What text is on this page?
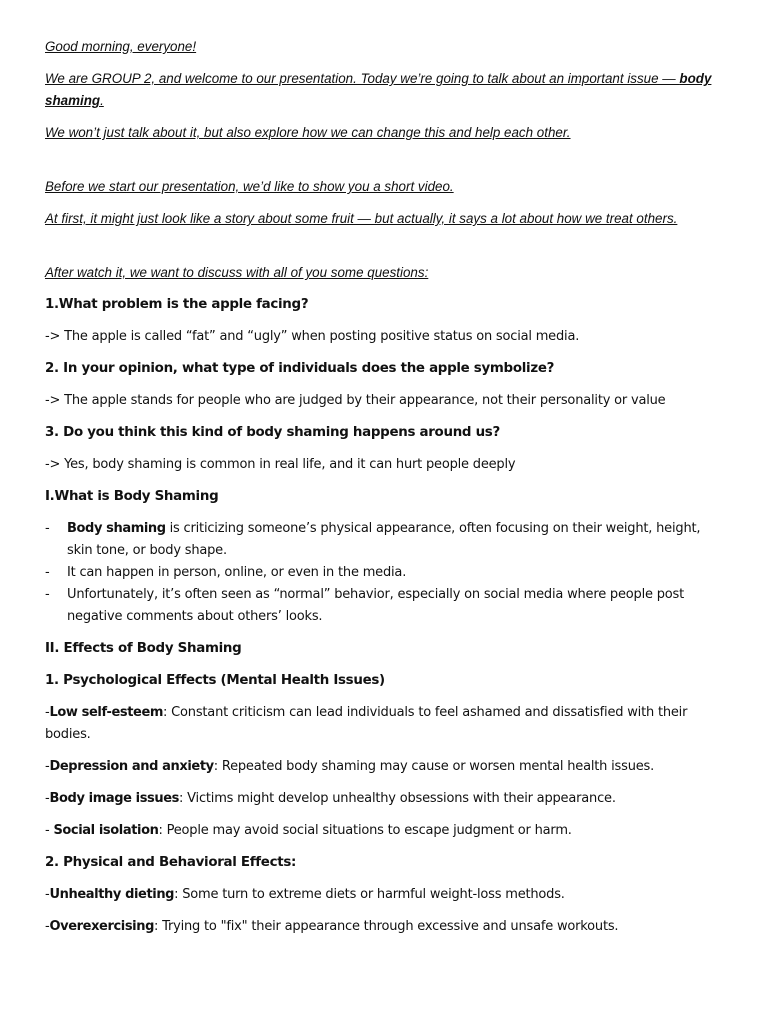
Good morning, everyone!

We are GROUP 2, and welcome to our presentation. Today we’re going to talk about an important issue — body shaming.

We won’t just talk about it, but also explore how we can change this and help each other.

Before we start our presentation, we’d like to show you a short video.

At first, it might just look like a story about some fruit — but actually, it says a lot about how we treat others.

After watch it, we want to discuss with all of you some questions:

1.What problem is the apple facing?

-> The apple is called “fat” and “ugly” when posting positive status on social media.

2. In your opinion, what type of individuals does the apple symbolize?

-> The apple stands for people who are judged by their appearance, not their personality or value

3. Do you think this kind of body shaming happens around us?

-> Yes, body shaming is common in real life, and it can hurt people deeply

I.What is Body Shaming

- Body shaming is criticizing someone’s physical appearance, often focusing on their weight, height, skin tone, or body shape.
- It can happen in person, online, or even in the media.
- Unfortunately, it’s often seen as “normal” behavior, especially on social media where people post negative comments about others’ looks.

II. Effects of Body Shaming

1. Psychological Effects (Mental Health Issues)

-Low self-esteem: Constant criticism can lead individuals to feel ashamed and dissatisfied with their bodies.

-Depression and anxiety: Repeated body shaming may cause or worsen mental health issues.

-Body image issues: Victims might develop unhealthy obsessions with their appearance.

- Social isolation: People may avoid social situations to escape judgment or harm.

2. Physical and Behavioral Effects:

-Unhealthy dieting: Some turn to extreme diets or harmful weight-loss methods.

-Overexercising: Trying to "fix" their appearance through excessive and unsafe workouts.
